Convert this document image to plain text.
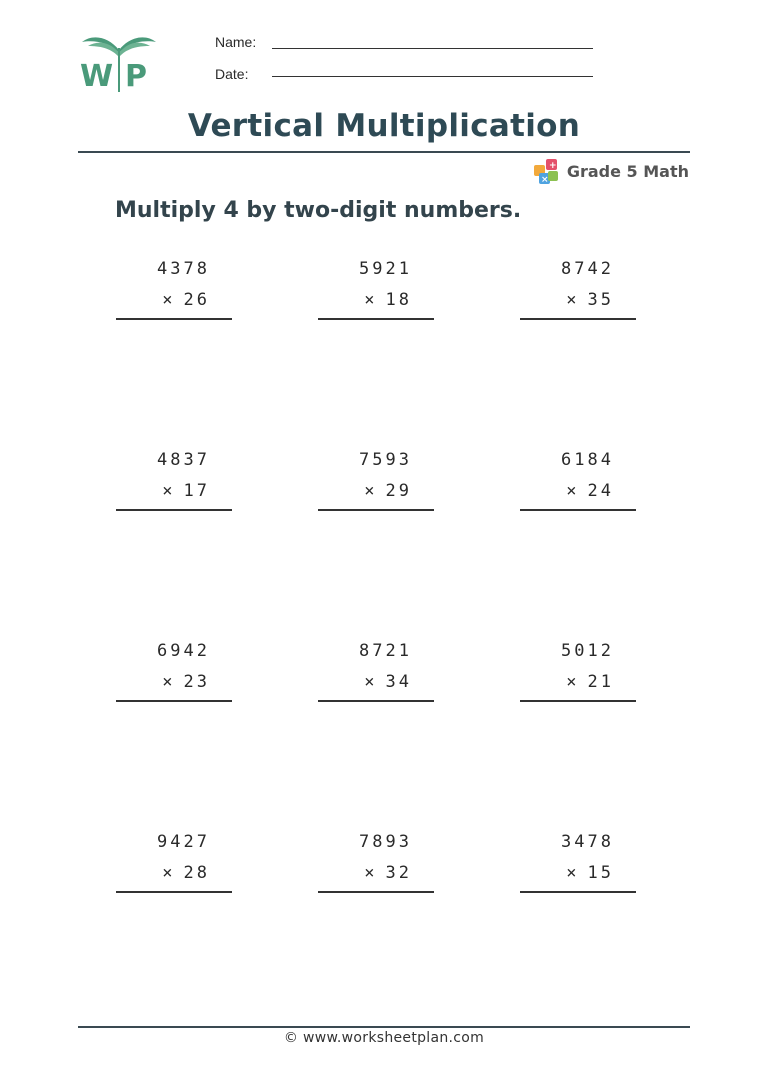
W P
Name:
Date:
Vertical Multiplication
+
× Grade 5 Math
Multiply 4 by two-digit numbers.
4378
× 26
5921
× 18
8742
× 35
4837
× 17
7593
× 29
6184
× 24
6942
× 23
8721
× 34
5012
× 21
9427
× 28
7893
× 32
3478
× 15
© www.worksheetplan.com
